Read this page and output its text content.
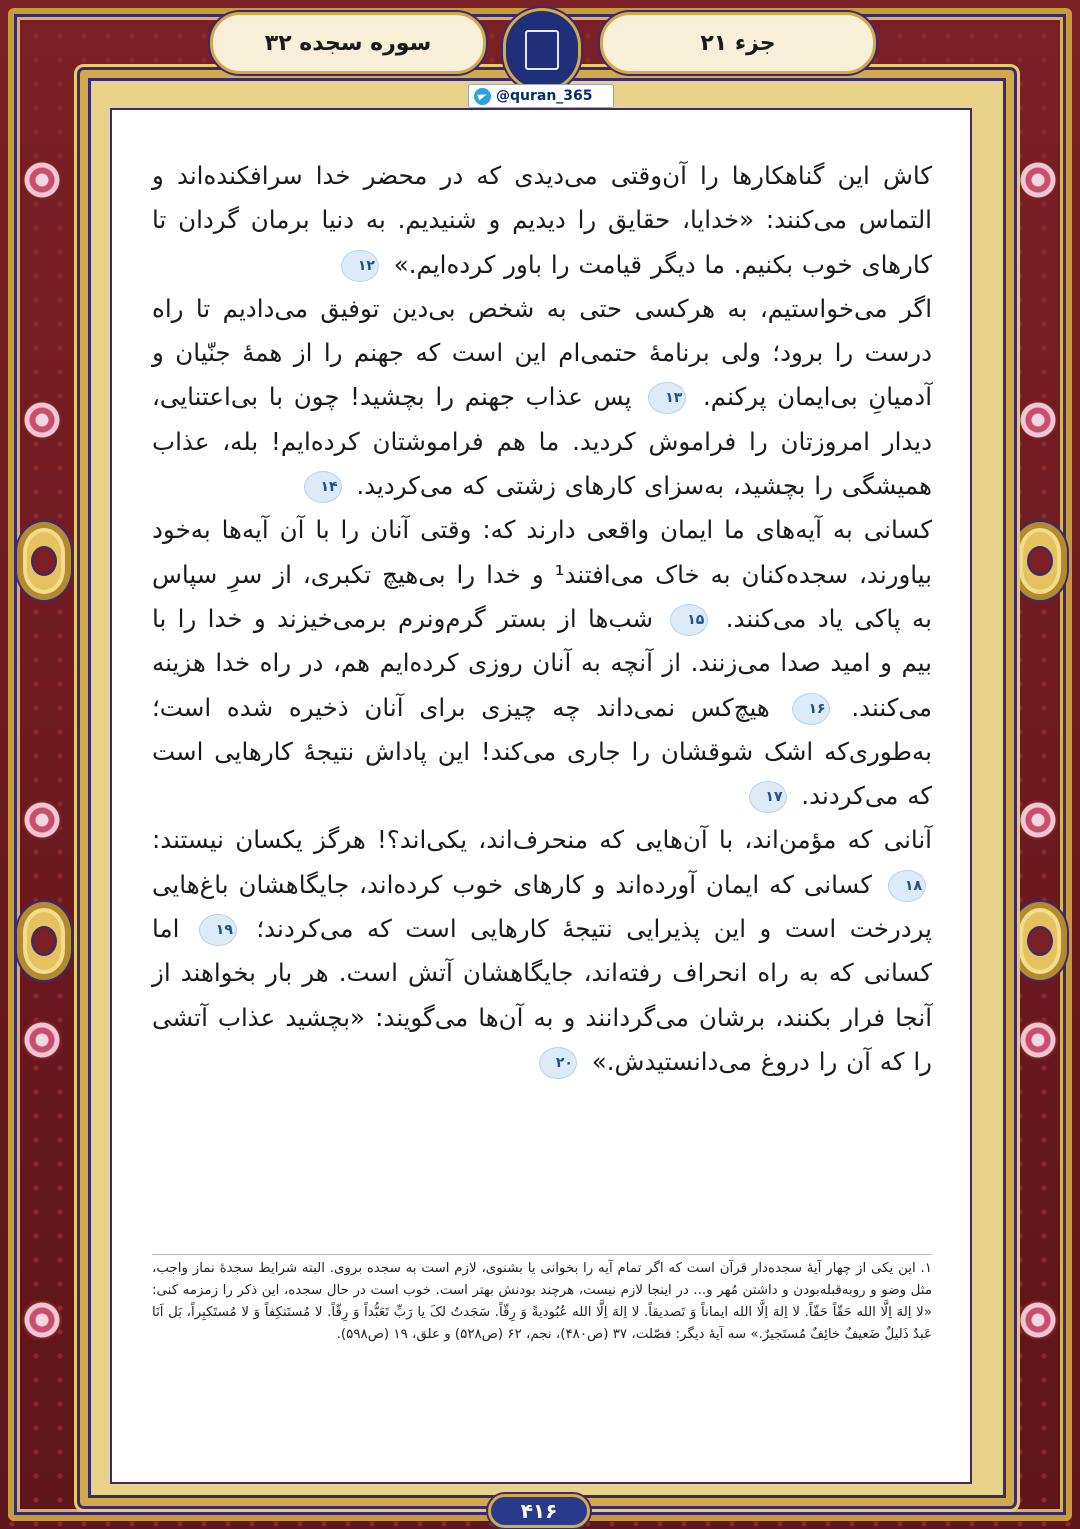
جزء ۲۱
سوره سجده ۳۲

کاش این گناهکارها را آن‌وقتی می‌دیدی که در محضر خدا سرافکنده‌اند و التماس می‌کنند: «خدایا، حقایق را دیدیم و شنیدیم. به دنیا برمان گردان تا کارهای خوب بکنیم. ما دیگر قیامت را باور کرده‌ایم.» ۱۲

اگر می‌خواستیم، به هرکسی حتی به شخص بی‌دین توفیق می‌دادیم تا راه درست را برود؛ ولی برنامهٔ حتمی‌ام این است که جهنم را از همهٔ جنّیان و آدمیانِ بی‌ایمان پرکنم. ۱۳ پس عذاب جهنم را بچشید! چون با بی‌اعتنایی، دیدار امروزتان را فراموش کردید. ما هم فراموشتان کرده‌ایم! بله، عذاب همیشگی را بچشید، به‌سزای کارهای زشتی که می‌کردید. ۱۴

کسانی به آیه‌های ما ایمان واقعی دارند که: وقتی آنان را با آن آیه‌ها به‌خود بیاورند، سجده‌کنان به خاک می‌افتند¹ و خدا را بی‌هیچ تکبری، از سرِ سپاس به پاکی یاد می‌کنند. ۱۵ شب‌ها از بستر گرم‌ونرم برمی‌خیزند و خدا را با بیم و امید صدا می‌زنند. از آنچه به آنان روزی کرده‌ایم هم، در راه خدا هزینه می‌کنند. ۱۶ هیچ‌کس نمی‌داند چه چیزی برای آنان ذخیره شده است؛ به‌طوری‌که اشک شوقشان را جاری می‌کند! این پاداش نتیجهٔ کارهایی است که می‌کردند. ۱۷

آنانی که مؤمن‌اند، با آن‌هایی که منحرف‌اند، یکی‌اند؟! هرگز یکسان نیستند: ۱۸ کسانی که ایمان آورده‌اند و کارهای خوب کرده‌اند، جایگاهشان باغ‌هایی پردرخت است و این پذیرایی نتیجهٔ کارهایی است که می‌کردند؛ ۱۹ اما کسانی که به راه انحراف رفته‌اند، جایگاهشان آتش است. هر بار بخواهند از آنجا فرار بکنند، برشان می‌گردانند و به آن‌ها می‌گویند: «بچشید عذاب آتشی را که آن را دروغ می‌دانستیدش.» ۲۰

۱. این یکی از چهار آیهٔ سجده‌دار قرآن است که اگر تمام آیه را بخوانی یا بشنوی، لازم است به سجده بروی. البته شرایط سجدهٔ نماز واجب، مثل وضو و روبه‌قبله‌بودن و داشتن مُهر و... در اینجا لازم نیست، هرچند بودنش بهتر است. خوب است در حال سجده، این ذکر را زمزمه کنی: «لا اِلهَ اِلَّا الله حَقّاً حَقّاً. لا اِلهَ اِلَّا الله ایماناً وَ تَصدیقاً. لا اِلهَ اِلَّا الله عُبُودیةً وَ رِقّاً. سَجَدتُ لکَ یا رَبِّ تَعَبُّداً وَ رِقّاً. لا مُستَنکِفاً وَ لا مُستَکبِراً، بَل اَنَا عَبدٌ ذَلیلٌ ضَعیفٌ خائِفٌ مُستَجیرٌ.» سه آیهٔ دیگر: فصّلت، ۳۷ (ص۴۸۰)، نجم، ۶۲ (ص۵۲۸) و علق، ۱۹ (ص۵۹۸).
@quran_365
۴۱۶
